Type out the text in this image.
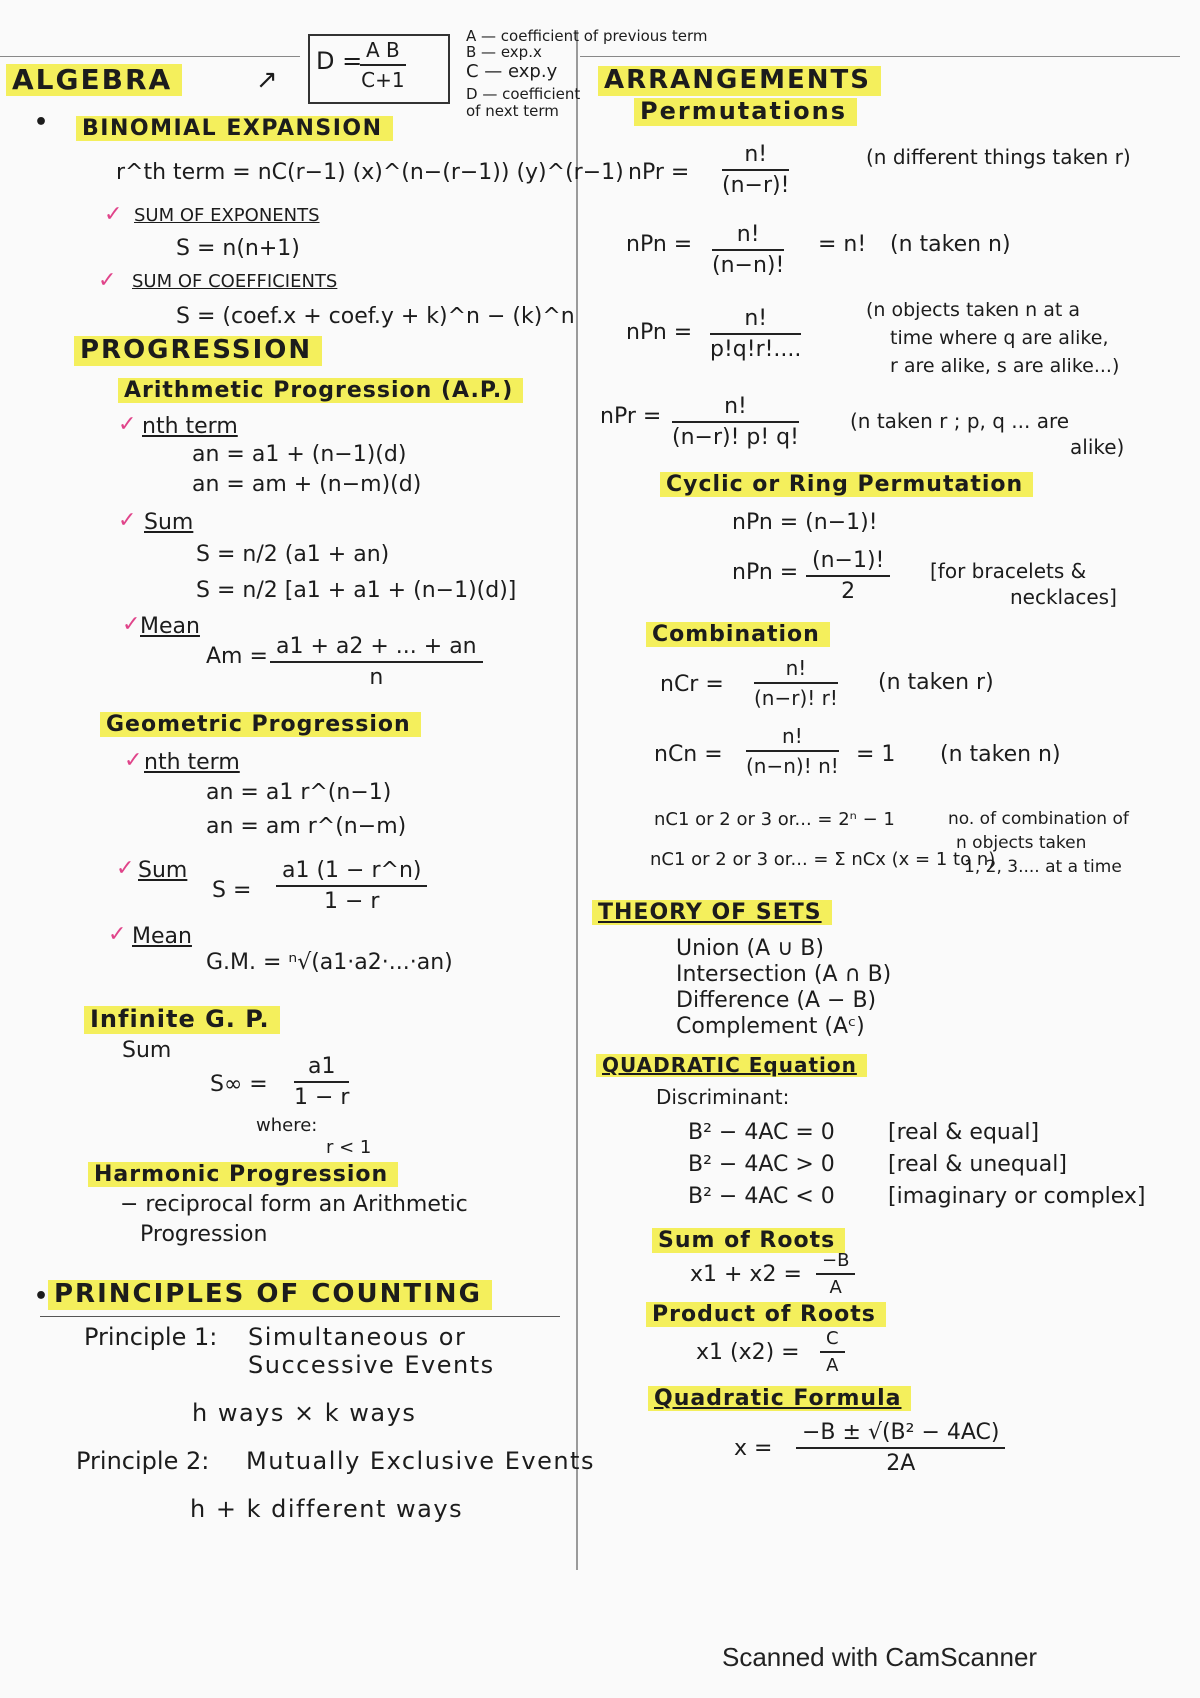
ALGEBRA	↗
D =
$\frac{\text{A B}}{C+1}$
A — coefficient of previous term
B — exp.x
C — exp.y
D — coefficient of next term
• BINOMIAL EXPANSION
r^th term = nC(r−1) (x)^(n−(r−1)) (y)^(r−1)
✓ SUM OF EXPONENTS
S = n(n+1)
✓ SUM OF COEFFICIENTS
S = (coef.x + coef.y + k)^n − (k)^n
PROGRESSION
Arithmetic Progression (A.P.)
✓ nth term
an = a1 + (n−1)(d)
an = am + (n−m)(d)
✓ Sum
S = n/2 (a1 + an)
S = n/2 [a1 + a1 + (n−1)(d)]
✓ Mean
$Am = \frac{a1 + a2 + ... + an}{n}$
Geometric Progression
✓ nth term
an = a1 r^(n−1)
an = am r^(n−m)
✓ Sum
$S = \frac{a1 (1 - r\^{}n)}{1 - r}$
✓ Mean
G.M. = ⁿ√(a1·a2·...·an)
Infinite G. P.
Sum
$S\infty = \frac{a1}{1 - r}$
where:
r < 1
Harmonic Progression
− reciprocal form an Arithmetic
Progression
• PRINCIPLES OF COUNTING
Principle 1: Simultaneous or
Successive Events
h ways × k ways
Principle 2: Mutually Exclusive Events
h + k different ways
ARRANGEMENTS
Permutations
nPr = $\frac{n!}{(n-r)!}$	(n different things taken r)
nPn = $\frac{n!}{(n-n)!} = n$! (n taken n)
nPn = $\frac{n!}{p!q!r!....}$	(n objects taken n at a
time where q are alike,
r are alike, s are alike...)
nPr = $\frac{n!}{(n-r)! p! q!}$	(n taken r ; p, q ... are
alike)
Cyclic or Ring Permutation
nPn = (n−1)!
nPn = $\frac{(n-1)!}{2} [for$ bracelets &
necklaces]
Combination
nCr = $\frac{n!}{(n-r)! r!} (n$ taken r)
nCn = $\frac{n!}{(n-n)! n!} = 1$ (n taken n)
nC1 or 2 or 3 or... = 2ⁿ − 1
nC1 or 2 or 3 or... = Σ nCx (x = 1 to n)
no. of combination of
n objects taken
1, 2, 3.... at a time
THEORY OF SETS
Union (A ∪ B)
Intersection (A ∩ B)
Difference (A − B)
Complement (Aᶜ)
QUADRATIC Equation
Discriminant:
B² − 4AC = 0 [real & equal]
B² − 4AC > 0 [real & unequal]
B² − 4AC < 0 [imaginary or complex]
Sum of Roots
$x1 + x2 = \frac{-B}{A}$
Product of Roots
x1 $(x2) = \frac{C}{A}$
Quadratic Formula
$x = \frac{\text{−B ± √(B² − 4AC)}}{2A}$
Scanned with CamScanner
